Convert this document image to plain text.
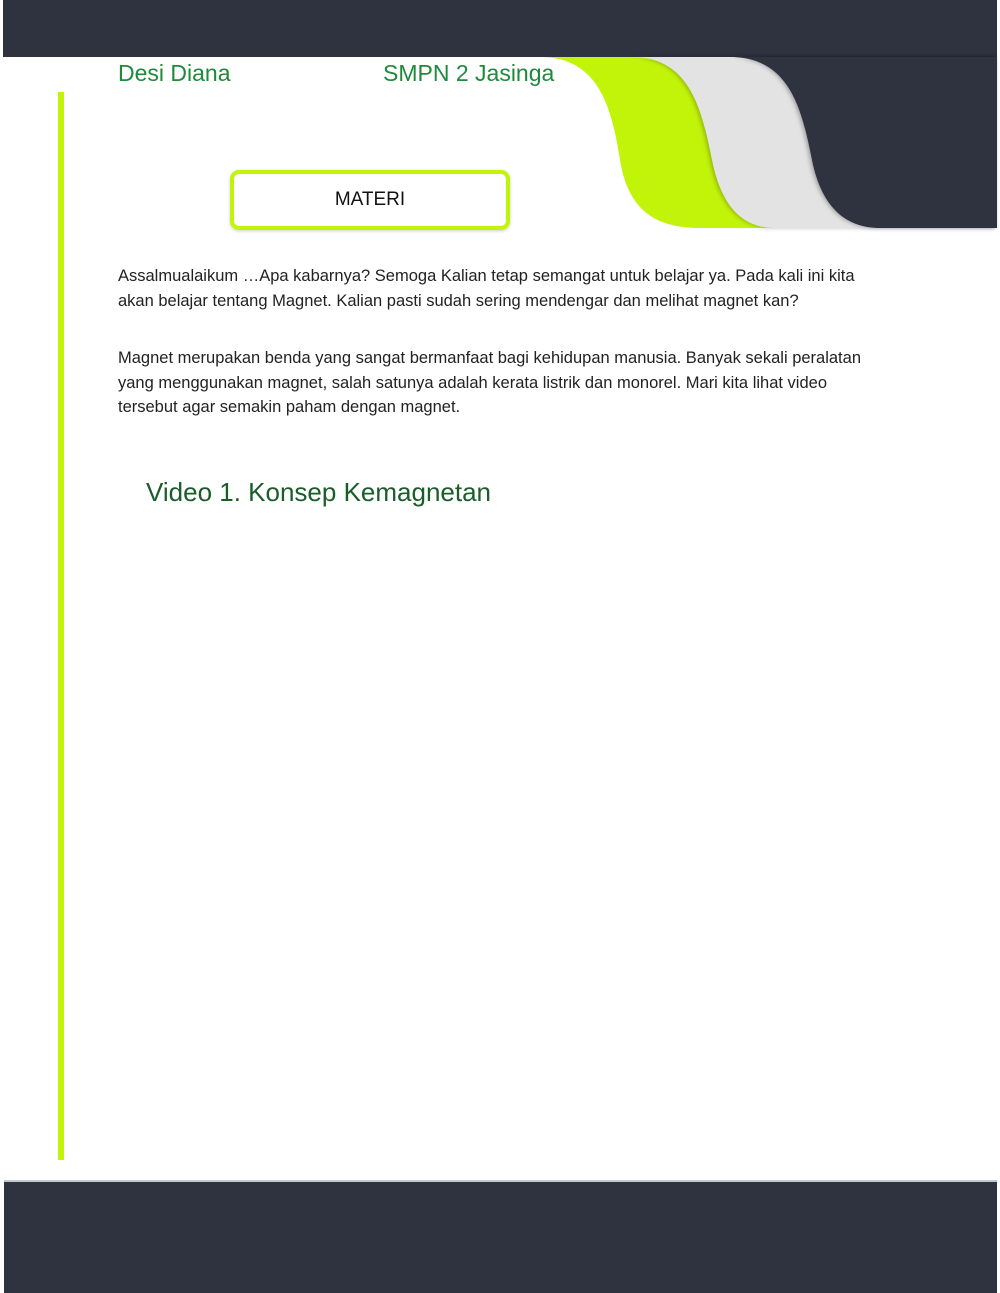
Desi Diana	SMPN 2 Jasinga
MATERI

Assalmualaikum …Apa kabarnya? Semoga Kalian tetap semangat untuk belajar ya. Pada kali ini kita akan belajar tentang Magnet. Kalian pasti sudah sering mendengar dan melihat magnet kan?

Magnet merupakan benda yang sangat bermanfaat bagi kehidupan manusia. Banyak sekali peralatan yang menggunakan magnet, salah satunya adalah kerata listrik dan monorel. Mari kita lihat video tersebut agar semakin paham dengan magnet.

Video 1. Konsep Kemagnetan
